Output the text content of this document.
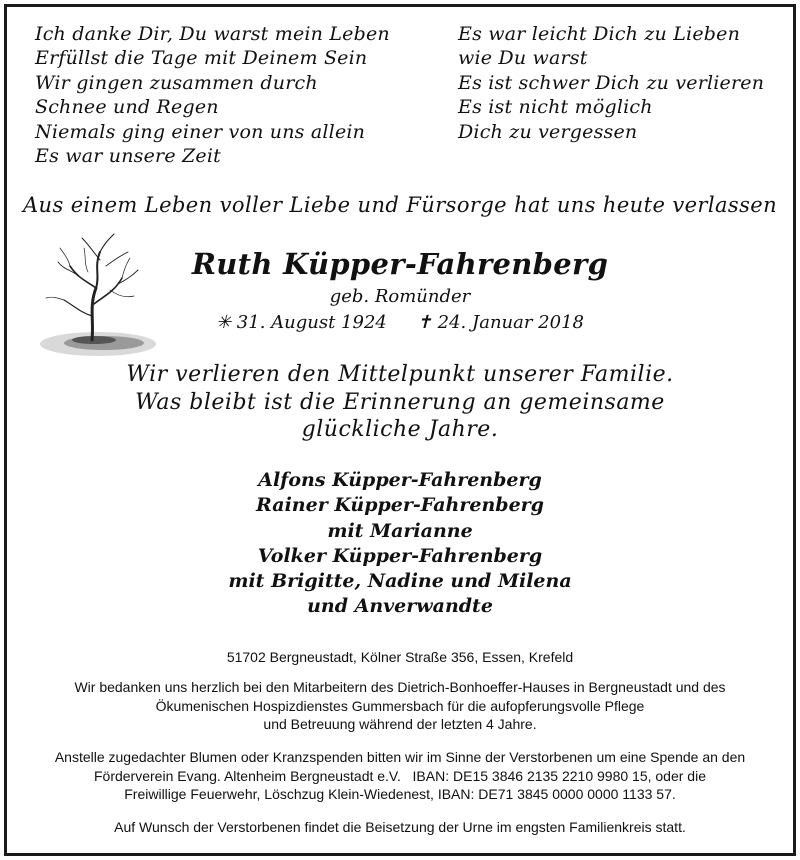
Ich danke Dir, Du warst mein Leben
Erfüllst die Tage mit Deinem Sein
Wir gingen zusammen durch
Schnee und Regen
Niemals ging einer von uns allein
Es war unsere Zeit
Es war leicht Dich zu Lieben
wie Du warst
Es ist schwer Dich zu verlieren
Es ist nicht möglich
Dich zu vergessen
Aus einem Leben voller Liebe und Fürsorge hat uns heute verlassen
Ruth Küpper-Fahrenberg
geb. Romünder
✳ 31. August 1924 ✝ 24. Januar 2018
Wir verlieren den Mittelpunkt unserer Familie.
Was bleibt ist die Erinnerung an gemeinsame
glückliche Jahre.
Alfons Küpper-Fahrenberg
Rainer Küpper-Fahrenberg
mit Marianne
Volker Küpper-Fahrenberg
mit Brigitte, Nadine und Milena
und Anverwandte
51702 Bergneustadt, Kölner Straße 356, Essen, Krefeld
Wir bedanken uns herzlich bei den Mitarbeitern des Dietrich-Bonhoeffer-Hauses in Bergneustadt und des
Ökumenischen Hospizdienstes Gummersbach für die aufopferungsvolle Pflege
und Betreuung während der letzten 4 Jahre.
Anstelle zugedachter Blumen oder Kranzspenden bitten wir im Sinne der Verstorbenen um eine Spende an den
Förderverein Evang. Altenheim Bergneustadt e.V.   IBAN: DE15 3846 2135 2210 9980 15, oder die
Freiwillige Feuerwehr, Löschzug Klein-Wiedenest, IBAN: DE71 3845 0000 0000 1133 57.
Auf Wunsch der Verstorbenen findet die Beisetzung der Urne im engsten Familienkreis statt.
